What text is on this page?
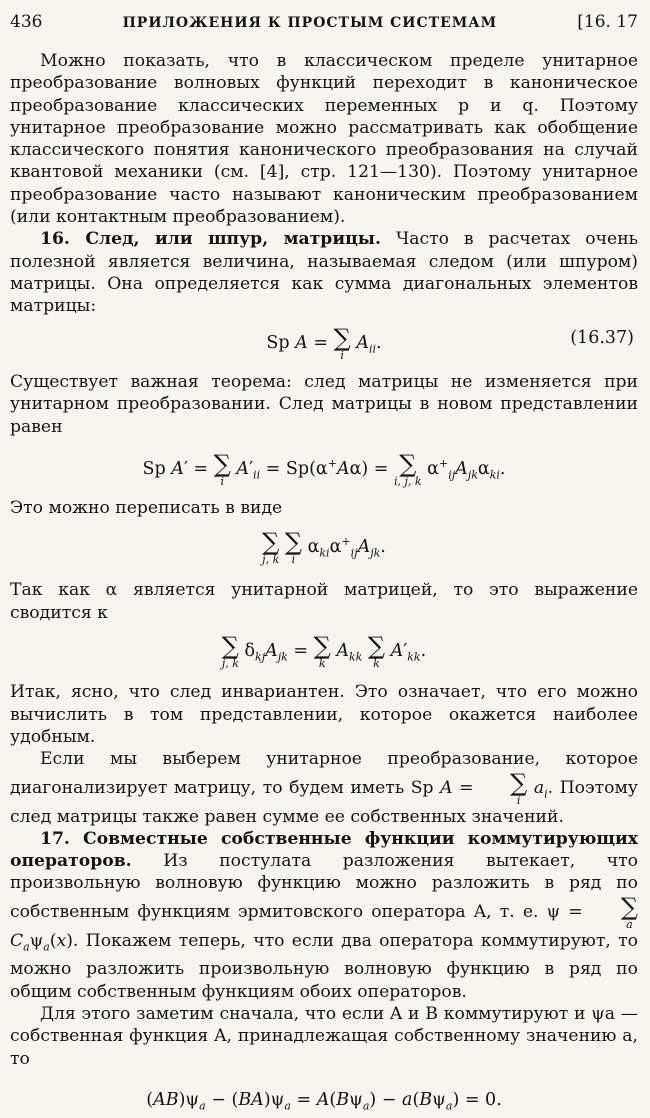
436	ПРИЛОЖЕНИЯ К ПРОСТЫМ СИСТЕМАМ	[16. 17

Можно показать, что в классическом пределе унитарное преобразование волновых функций переходит в каноническое преобразование классических переменных p и q. Поэтому унитарное преобразование можно рассматривать как обобщение классического понятия канонического преобразования на случай квантовой механики (см. [4], стр. 121—130). Поэтому унитарное преобразование часто называют каноническим преобразованием (или контактным преобразованием).

16. След, или шпур, матрицы. Часто в расчетах очень полезной является величина, называемая следом (или шпуром) матрицы. Она определяется как сумма диагональных элементов матрицы:

Sp A = ∑
i
$A_{ii}$.	(16.37)

Существует важная теорема: след матрицы не изменяется при унитарном преобразовании. След матрицы в новом представлении равен

Sp A′ = ∑
i
$A'_{ii} = Sp(\alpha^+A\alpha)$ = ∑
i, j, k
$\alpha^+_{ij}A_{jk}\alpha_{ki}$.

Это можно переписать в виде

∑
j, k

∑
i
$\alpha_{ki}\alpha^+_{ij}A_{jk}$.

Так как α является унитарной матрицей, то это выражение сводится к

∑
j, k
$\delta_{kj}A_{jk}$ = ∑
k
$A_{kk}$ ∑
k
$A'_{kk}$.

Итак, ясно, что след инвариантен. Это означает, что его можно вычислить в том представлении, которое окажется наиболее удобным.

Если мы выберем унитарное преобразование, которое диагонализирует матрицу, то будем иметь Sp A =	∑
i
$a_i$. Поэтому след матрицы также равен сумме ее собственных значений.

17. Совместные собственные функции коммутирующих операторов. Из постулата разложения вытекает, что произвольную волновую функцию можно разложить в ряд по собственным функциям эрмитовского оператора A, т. е. ψ =	∑
a
$C_a\psi_a(x)$. Покажем теперь, что если два оператора коммутируют, то можно разложить произвольную волновую функцию в ряд по общим собственным функциям обоих операторов.

Для этого заметим сначала, что если A и B коммутируют и ψa — собственная функция A, принадлежащая собственному значению a, то

$(AB)\psi_a - (BA)\psi_a = A(B\psi_a) - a(B\psi_a) = 0$.
